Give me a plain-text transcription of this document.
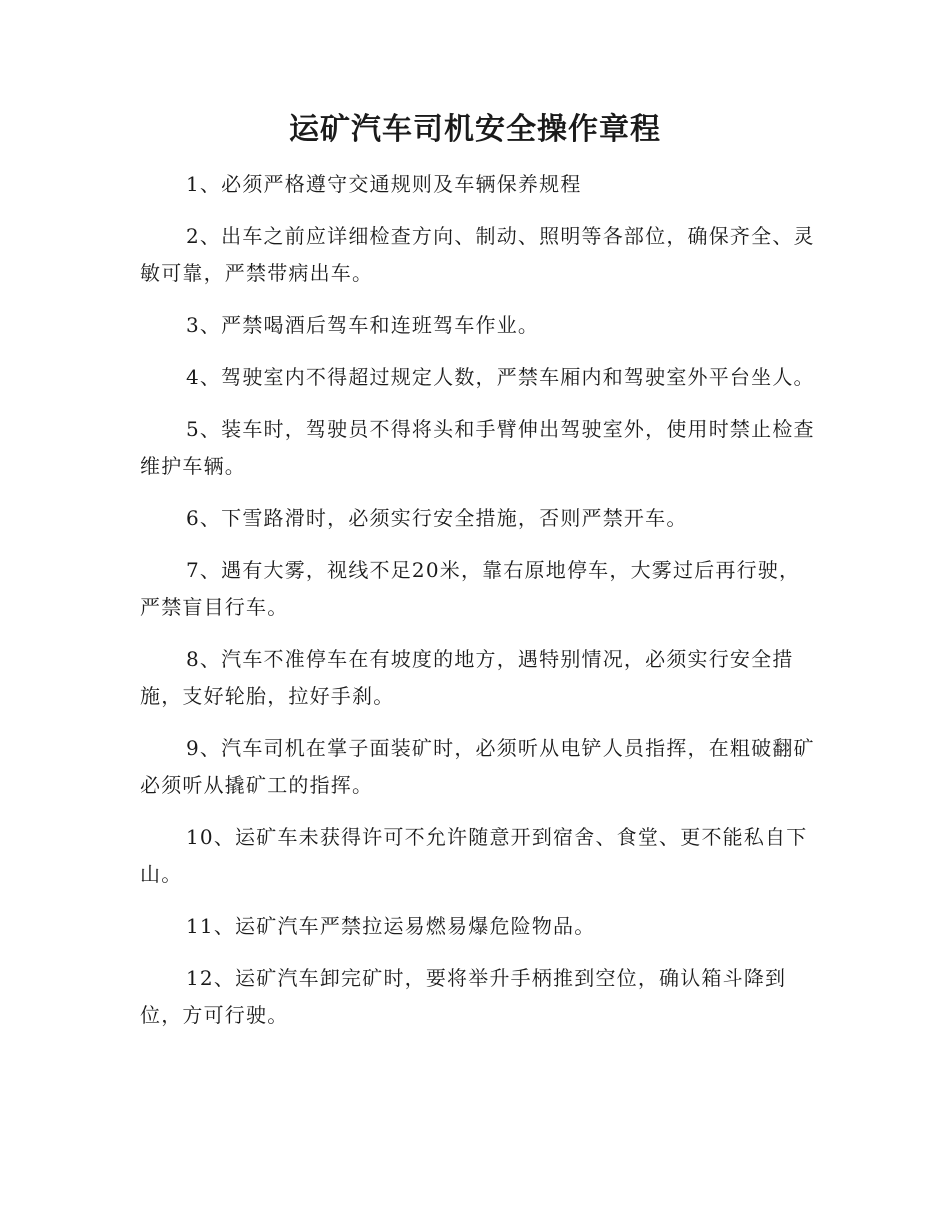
运矿汽车司机安全操作章程

1、必须严格遵守交通规则及车辆保养规程

2、出车之前应详细检查方向、制动、照明等各部位，确保齐全、灵敏可靠，严禁带病出车。

3、严禁喝酒后驾车和连班驾车作业。

4、驾驶室内不得超过规定人数，严禁车厢内和驾驶室外平台坐人。

5、装车时，驾驶员不得将头和手臂伸出驾驶室外，使用时禁止检查维护车辆。

6、下雪路滑时，必须实行安全措施，否则严禁开车。

7、遇有大雾，视线不足20米，靠右原地停车，大雾过后再行驶，严禁盲目行车。

8、汽车不准停车在有坡度的地方，遇特别情况，必须实行安全措施，支好轮胎，拉好手刹。

9、汽车司机在掌子面装矿时，必须听从电铲人员指挥，在粗破翻矿必须听从撬矿工的指挥。

10、运矿车未获得许可不允许随意开到宿舍、食堂、更不能私自下山。

11、运矿汽车严禁拉运易燃易爆危险物品。

12、运矿汽车卸完矿时，要将举升手柄推到空位，确认箱斗降到位，方可行驶。
